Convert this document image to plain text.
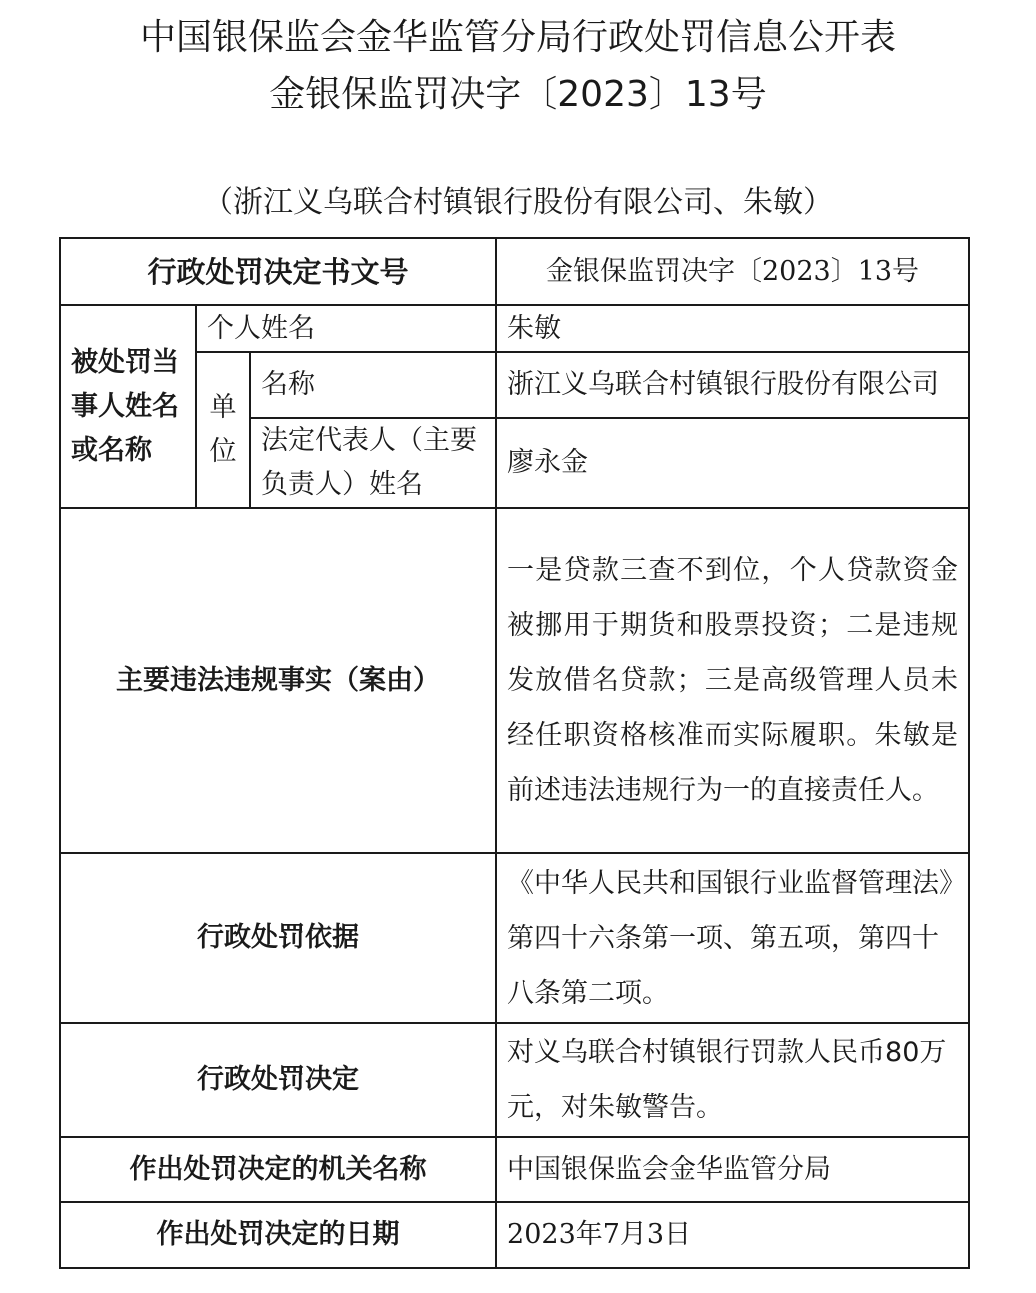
中国银保监会金华监管分局行政处罚信息公开表
金银保监罚决字〔2023〕13号
（浙江义乌联合村镇银行股份有限公司、朱敏）
行政处罚决定书文号			金银保监罚决字〔2023〕13号
被处罚当事人姓名或名称	个人姓名		朱敏
	单位	名称	浙江义乌联合村镇银行股份有限公司
		法定代表人（主要负责人）姓名	廖永金
主要违法违规事实（案由）			一是贷款三查不到位，个人贷款资金被挪用于期货和股票投资；二是违规发放借名贷款；三是高级管理人员未经任职资格核准而实际履职。朱敏是前述违法违规行为一的直接责任人。
行政处罚依据			《中华人民共和国银行业监督管理法》第四十六条第一项、第五项，第四十八条第二项。
行政处罚决定			对义乌联合村镇银行罚款人民币80万元，对朱敏警告。
作出处罚决定的机关名称			中国银保监会金华监管分局
作出处罚决定的日期			2023年7月3日
